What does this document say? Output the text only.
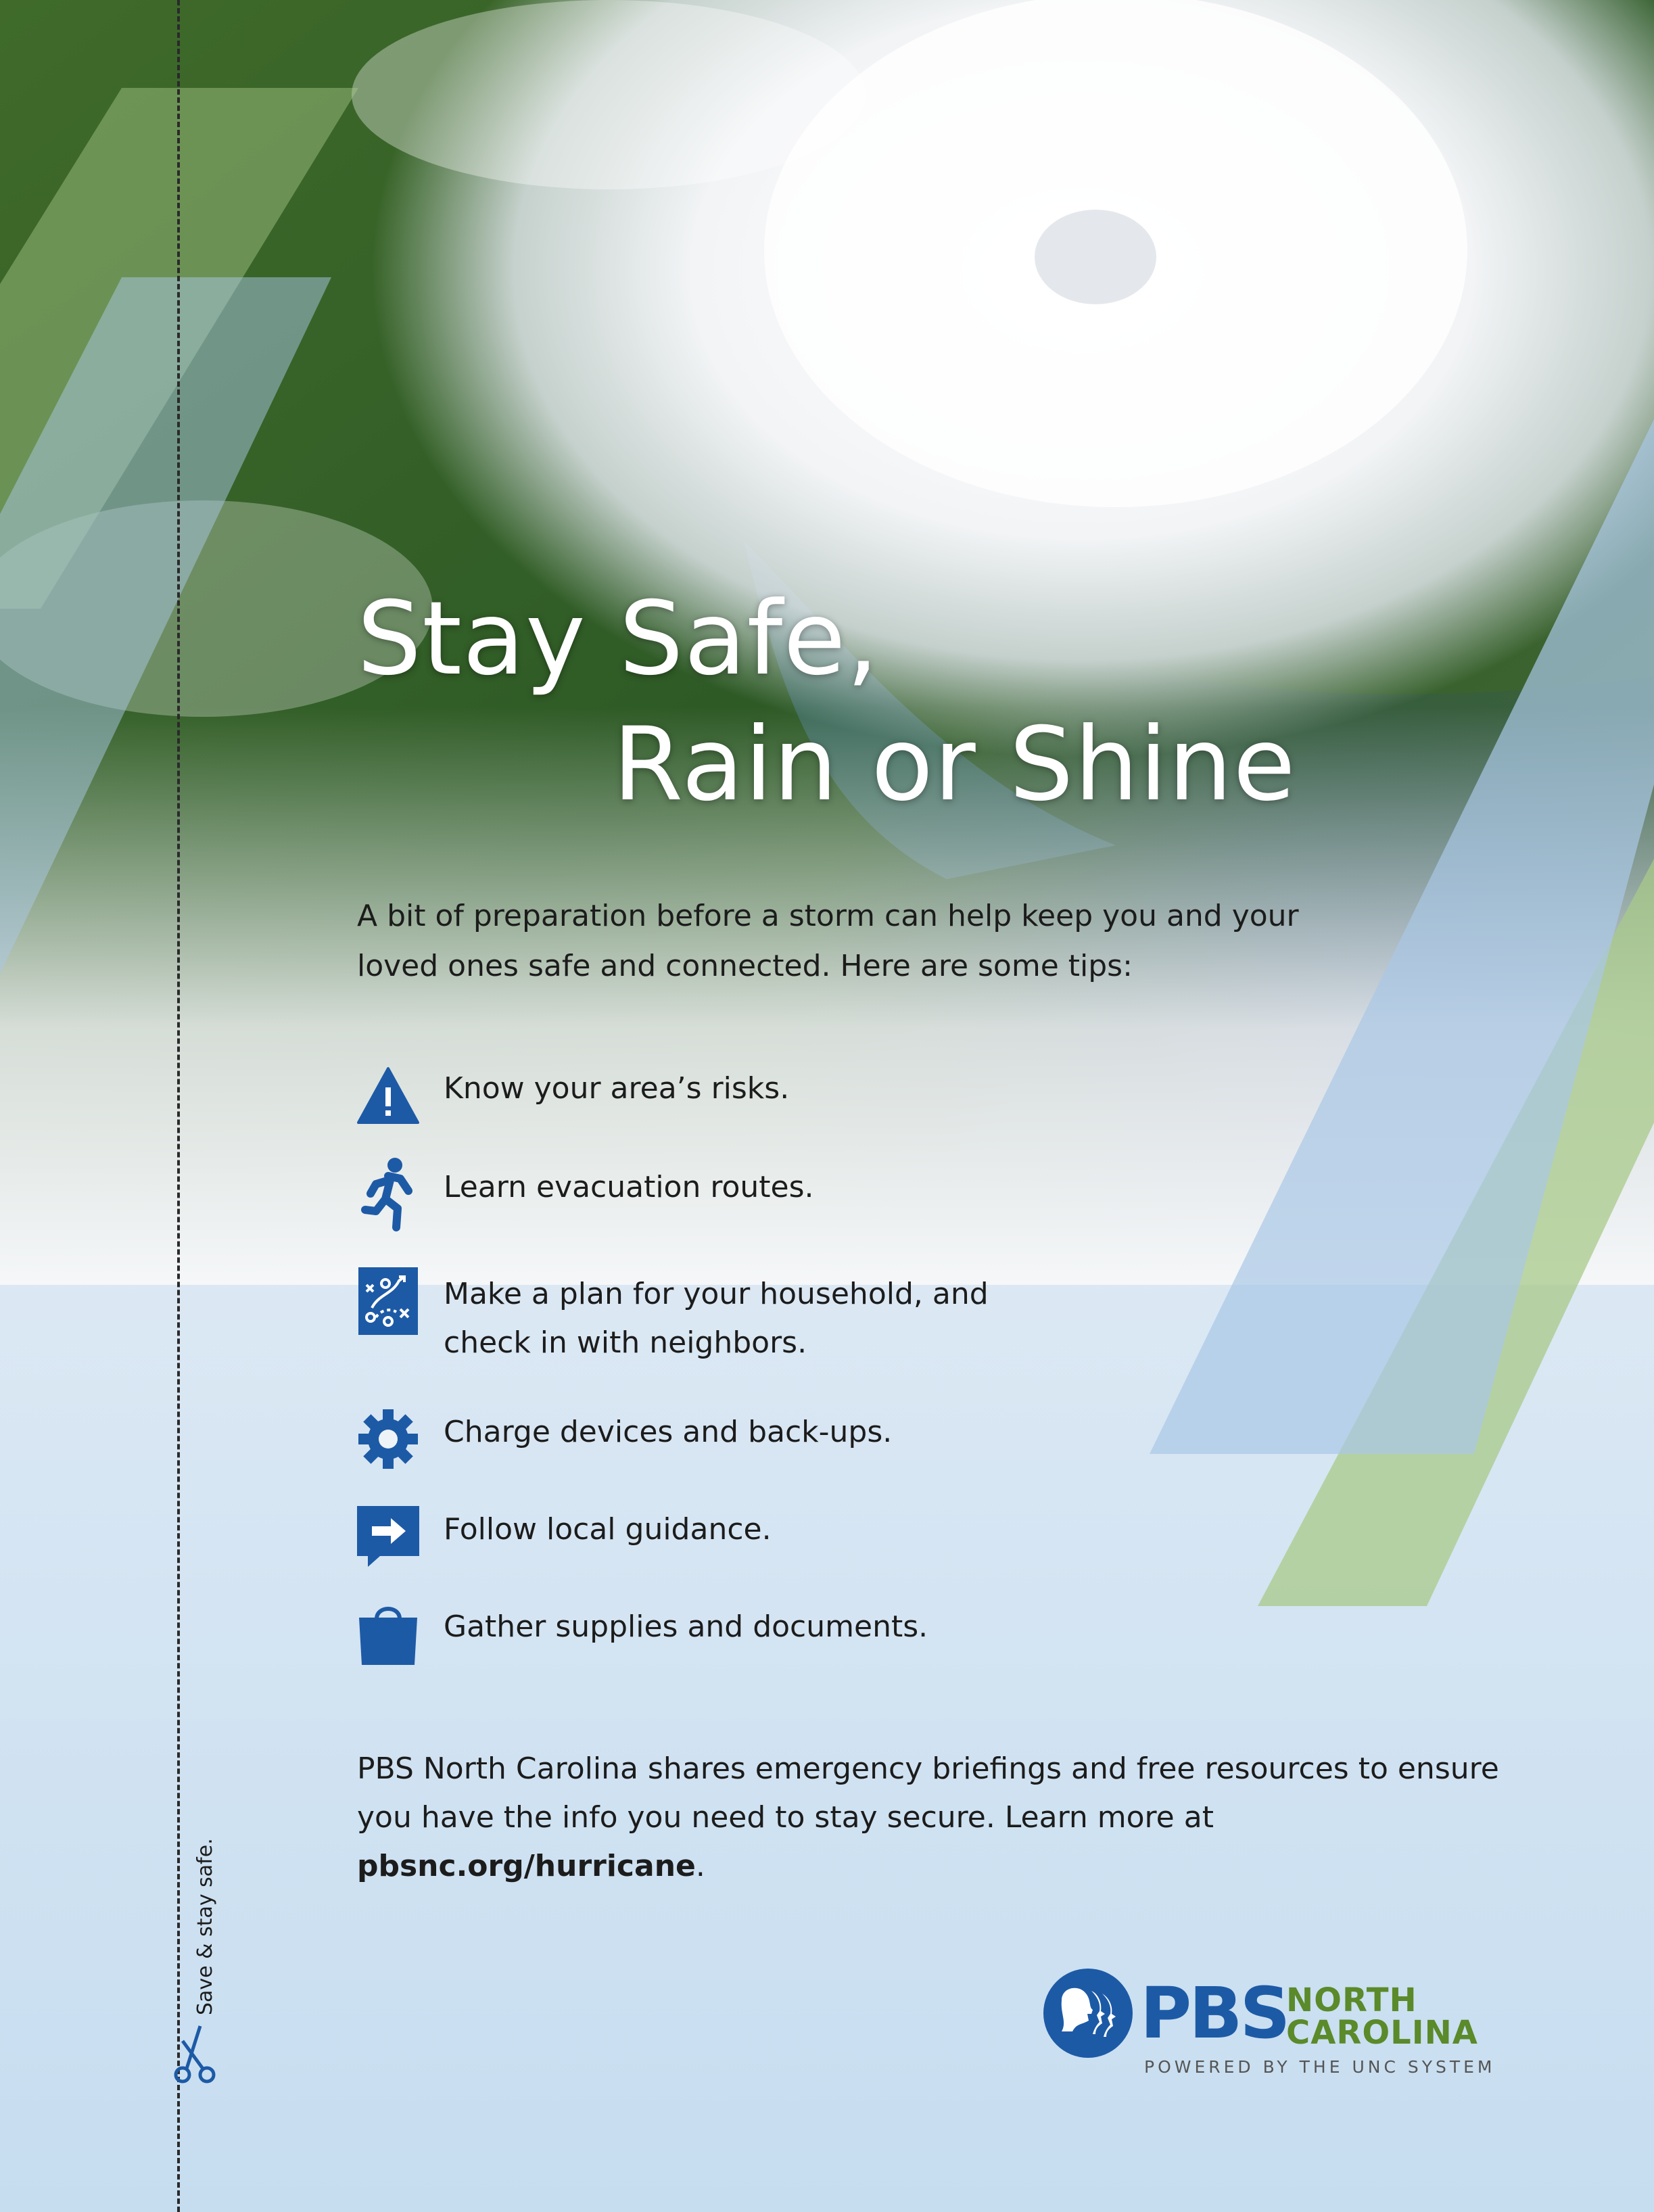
Save & stay safe.
Stay Safe,
Rain or Shine
A bit of preparation before a storm can help keep you and your loved ones safe and connected. Here are some tips:
Know your area’s risks.
Learn evacuation routes.
Make a plan for your household, and check in with neighbors.
Charge devices and back-ups.
Follow local guidance.
Gather supplies and documents.
PBS North Carolina shares emergency briefings and free resources to ensure you have the info you need to stay secure. Learn more at pbsnc.org/hurricane.
PBS
NORTH
CAROLINA
POWERED BY THE UNC SYSTEM
